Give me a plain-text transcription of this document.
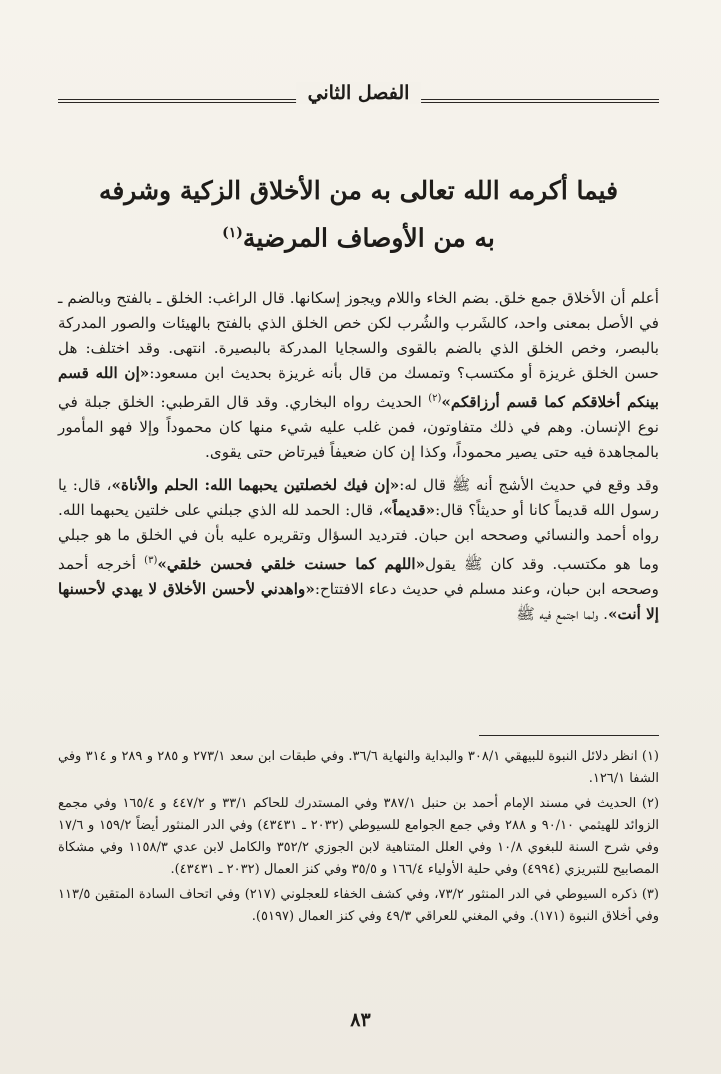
الفصل الثاني
فيما أكرمه الله تعالى به من الأخلاق الزكية وشرفه
به من الأوصاف المرضية$^{(١)}$

أعلم أن الأخلاق جمع خلق. بضم الخاء واللام ويجوز إسكانها. قال الراغب: الخلق ـ بالفتح وبالضم ـ في الأصل بمعنى واحد، كالشَرب والشُرب لكن خص الخلق الذي بالفتح بالهيئات والصور المدركة بالبصر، وخص الخلق الذي بالضم بالقوى والسجايا المدركة بالبصيرة. انتهى. وقد اختلف: هل حسن الخلق غريزة أو مكتسب؟ وتمسك من قال بأنه غريزة بحديث ابن مسعود:«إن الله قسم بينكم أخلاقكم كما قسم أرزاقكم»$^{(٢)}$ الحديث رواه البخاري. وقد قال القرطبي: الخلق جبلة في نوع الإنسان. وهم في ذلك متفاوتون، فمن غلب عليه شيء منها كان محموداً وإلا فهو المأمور بالمجاهدة فيه حتى يصير محموداً، وكذا إن كان ضعيفاً فيرتاض حتى يقوى.

وقد وقع في حديث الأشج أنه ﷺ قال له:«إن فيك لخصلتين يحبهما الله: الحلم والأناة»، قال: يا رسول الله قديماً كانا أو حديثاً؟ قال:«قديماً»، قال: الحمد لله الذي جبلني على خلتين يحبهما الله. رواه أحمد والنسائي وصححه ابن حبان. فترديد السؤال وتقريره عليه بأن في الخلق ما هو جبلي وما هو مكتسب. وقد كان ﷺ يقول«اللهم كما حسنت خلقي فحسن خلقي»$^{(٣)}$ أخرجه أحمد وصححه ابن حبان، وعند مسلم في حديث دعاء الافتتاح:«واهدني لأحسن الأخلاق لا يهدي لأحسنها إلا أنت». ولما اجتمع فيه ﷺ

(١) انظر دلائل النبوة للبيهقي ٣٠٨/١ والبداية والنهاية ٣٦/٦. وفي طبقات ابن سعد ٢٧٣/١ و ٢٨٥ و ٢٨٩ و ٣١٤ وفي الشفا ١٢٦/١.

(٢) الحديث في مسند الإمام أحمد بن حنبل ٣٨٧/١ وفي المستدرك للحاكم ٣٣/١ و ٤٤٧/٢ و ١٦٥/٤ وفي مجمع الزوائد للهيثمي ٩٠/١٠ و ٢٨٨ وفي جمع الجوامع للسيوطي (٢٠٣٢ ـ ٤٣٤٣١) وفي الدر المنثور أيضاً ١٥٩/٢ و ١٧/٦ وفي شرح السنة للبغوي ١٠/٨ وفي العلل المتناهية لابن الجوزي ٣٥٢/٢ والكامل لابن عدي ١١٥٨/٣ وفي مشكاة المصابيح للتبريزي (٤٩٩٤) وفي حلية الأولياء ١٦٦/٤ و ٣٥/٥ وفي كنز العمال (٢٠٣٢ ـ ٤٣٤٣١).

(٣) ذكره السيوطي في الدر المنثور ٧٣/٢، وفي كشف الخفاء للعجلوني (٢١٧) وفي اتحاف السادة المتقين ١١٣/٥ وفي أخلاق النبوة (١٧١). وفي المغني للعراقي ٤٩/٣ وفي كنز العمال (٥١٩٧).

٨٣
